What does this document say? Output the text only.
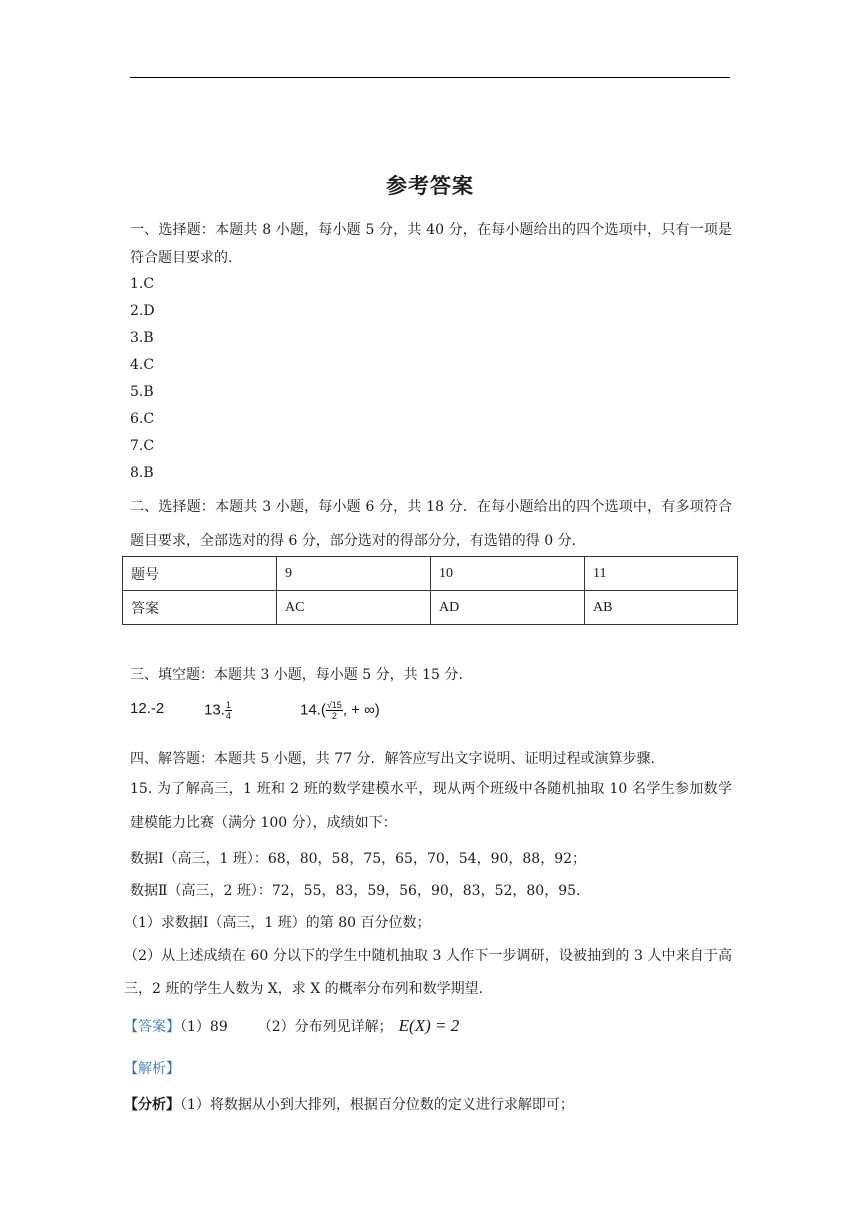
参考答案
一、选择题：本题共 8 小题，每小题 5 分，共 40 分，在每小题给出的四个选项中，只有一项是符合题目要求的.
1.C
2.D
3.B
4.C
5.B
6.C
7.C
8.B
二、选择题：本题共 3 小题，每小题 6 分，共 18 分．在每小题给出的四个选项中，有多项符合题目要求，全部选对的得 6 分，部分选对的得部分分，有选错的得 0 分.
题号	9	10	11
答案	AC	AD	AB
三、填空题：本题共 3 小题，每小题 5 分，共 15 分.
12.-2	13. $\frac{1}{4}$	$14.( \frac{√15}{2}$ , + ∞)
四、解答题：本题共 5 小题，共 77 分．解答应写出文字说明、证明过程或演算步骤.
15. 为了解高三，1 班和 2 班的数学建模水平，现从两个班级中各随机抽取 10 名学生参加数学建模能力比赛（满分 100 分），成绩如下：
数据Ⅰ（高三，1 班）：68，80，58，75，65，70，54，90，88，92；
数据Ⅱ（高三，2 班）：72，55，83，59，56，90，83，52，80，95.
（1）求数据Ⅰ（高三，1 班）的第 80 百分位数；
（2）从上述成绩在 60 分以下的学生中随机抽取 3 人作下一步调研，设被抽到的 3 人中来自于高三，2 班的学生人数为 X，求 X 的概率分布列和数学期望.
【答案】（1）89 （2）分布列见详解； E(X) = 2
【解析】
【分析】（1）将数据从小到大排列，根据百分位数的定义进行求解即可；
